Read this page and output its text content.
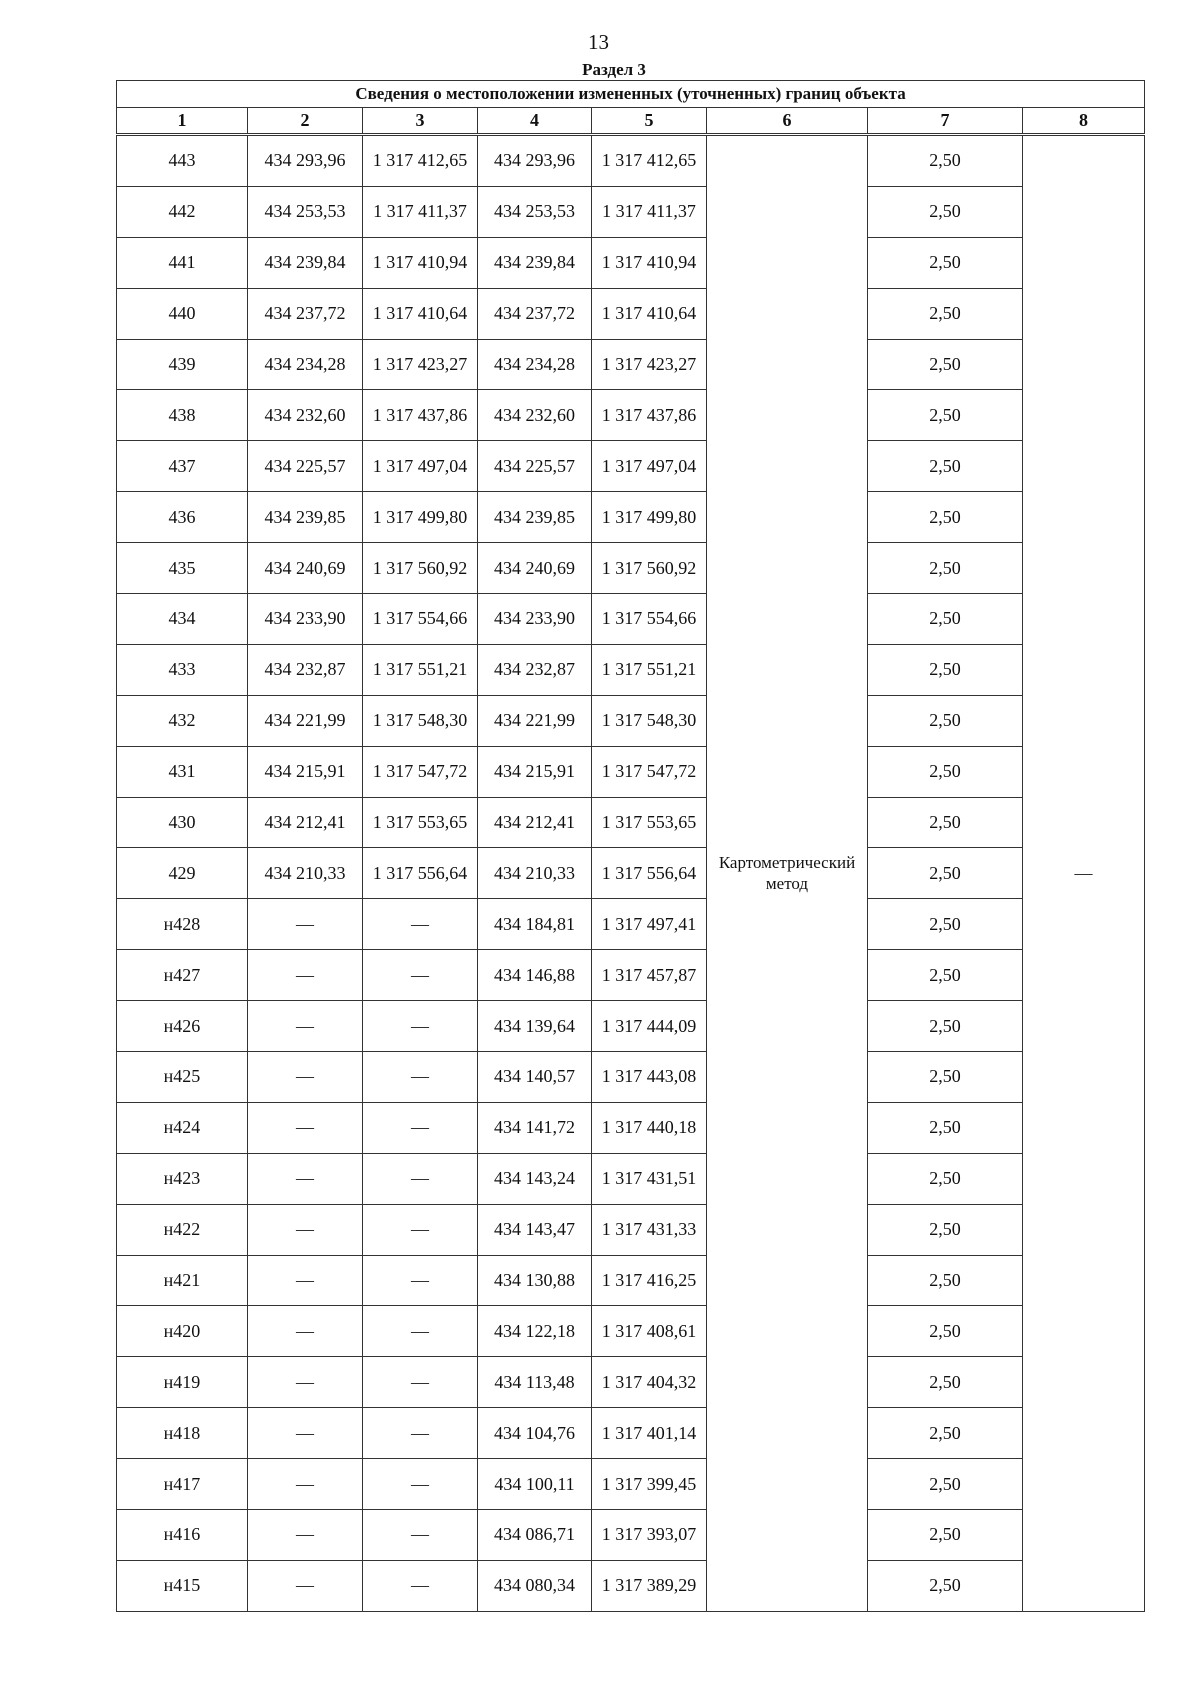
13
Раздел 3
Сведения о местоположении измененных (уточненных) границ объекта							
1	2	3	4	5	6	7	8
443	434 293,96	1 317 412,65	434 293,96	1 317 412,65	Картометрический метод	2,50	—
442	434 253,53	1 317 411,37	434 253,53	1 317 411,37		2,50	
441	434 239,84	1 317 410,94	434 239,84	1 317 410,94		2,50	
440	434 237,72	1 317 410,64	434 237,72	1 317 410,64		2,50	
439	434 234,28	1 317 423,27	434 234,28	1 317 423,27		2,50	
438	434 232,60	1 317 437,86	434 232,60	1 317 437,86		2,50	
437	434 225,57	1 317 497,04	434 225,57	1 317 497,04		2,50	
436	434 239,85	1 317 499,80	434 239,85	1 317 499,80		2,50	
435	434 240,69	1 317 560,92	434 240,69	1 317 560,92		2,50	
434	434 233,90	1 317 554,66	434 233,90	1 317 554,66		2,50	
433	434 232,87	1 317 551,21	434 232,87	1 317 551,21		2,50	
432	434 221,99	1 317 548,30	434 221,99	1 317 548,30		2,50	
431	434 215,91	1 317 547,72	434 215,91	1 317 547,72		2,50	
430	434 212,41	1 317 553,65	434 212,41	1 317 553,65		2,50	
429	434 210,33	1 317 556,64	434 210,33	1 317 556,64		2,50	
н428	—	—	434 184,81	1 317 497,41		2,50	
н427	—	—	434 146,88	1 317 457,87		2,50	
н426	—	—	434 139,64	1 317 444,09		2,50	
н425	—	—	434 140,57	1 317 443,08		2,50	
н424	—	—	434 141,72	1 317 440,18		2,50	
н423	—	—	434 143,24	1 317 431,51		2,50	
н422	—	—	434 143,47	1 317 431,33		2,50	
н421	—	—	434 130,88	1 317 416,25		2,50	
н420	—	—	434 122,18	1 317 408,61		2,50	
н419	—	—	434 113,48	1 317 404,32		2,50	
н418	—	—	434 104,76	1 317 401,14		2,50	
н417	—	—	434 100,11	1 317 399,45		2,50	
н416	—	—	434 086,71	1 317 393,07		2,50	
н415	—	—	434 080,34	1 317 389,29		2,50	
